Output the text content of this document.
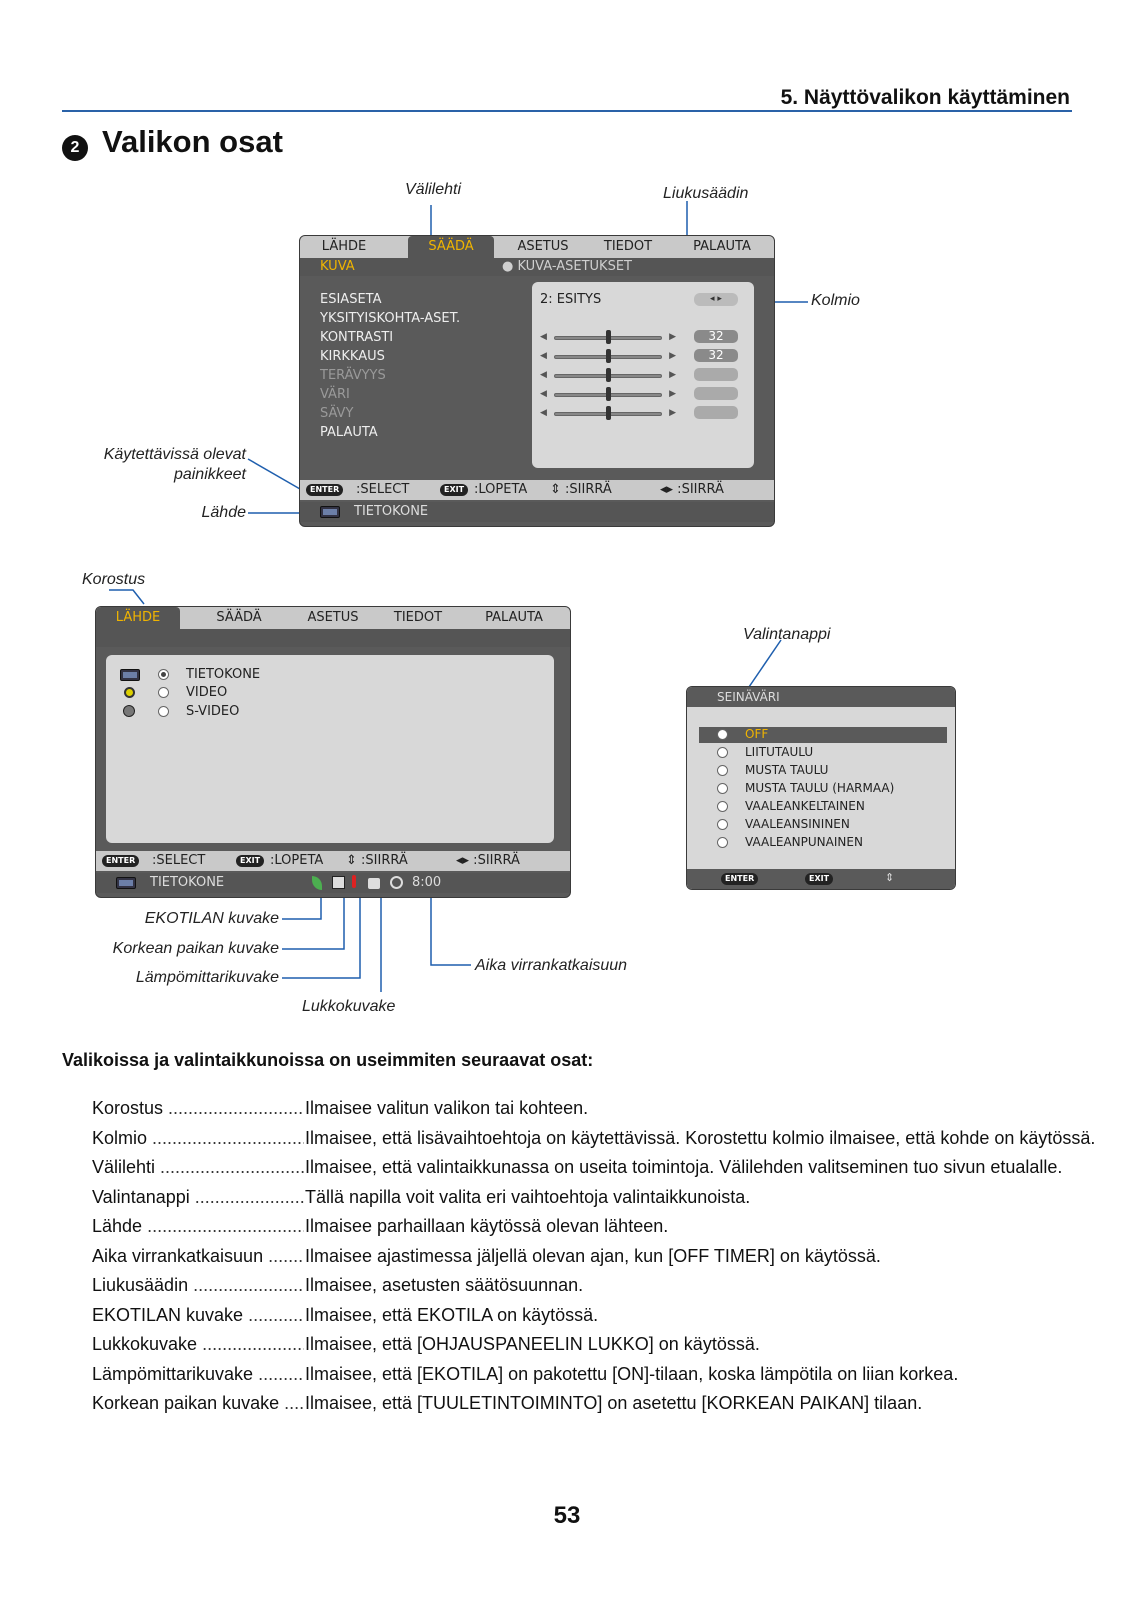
5. Näyttövalikon käyttäminen
2 Valikon osat
Välilehti	Liukusäädin
Kolmio
Käytettävissä olevat
painikkeet
Lähde
Korostus
Valintanappi
EKOTILAN kuvake
Korkean paikan kuvake
Lämpömittarikuvake
Aika virrankatkaisuun
Lukkokuvake
LÄHDE	SÄÄDÄ	ASETUS	TIEDOT	PALAUTA
KUVA	● KUVA-ASETUKSET
ESIASETA
YKSITYISKOHTA-ASET.
KONTRASTI
KIRKKAUS
TERÄVYYS
VÄRI
SÄVY
PALAUTA
2: ESITYS	◂ ▸
◀	▶	32
◀	▶	32
◀	▶
◀	▶
◀	▶
ENTER	:SELECT	EXIT :LOPETA ⇕ :SIIRRÄ	◂▸ :SIIRRÄ
TIETOKONE
LÄHDE	SÄÄDÄ	ASETUS	TIEDOT	PALAUTA
TIETOKONE
VIDEO
S-VIDEO
ENTER	:SELECT	EXIT :LOPETA ⇕ :SIIRRÄ	◂▸ :SIIRRÄ
TIETOKONE	8:00
SEINÄVÄRI
OFF
LIITUTAULU
MUSTA TAULU
MUSTA TAULU (HARMAA)
VAALEANKELTAINEN
VAALEANSININEN
VAALEANPUNAINEN
ENTER	EXIT	⇕
Valikoissa ja valintaikkunoissa on useimmiten seuraavat osat:
Korostus .....	Ilmaisee valitun valikon tai kohteen.
Kolmio .....	Ilmaisee, että lisävaihtoehtoja on käytettävissä. Korostettu kolmio ilmaisee, että kohde on käytössä.
Välilehti .....	Ilmaisee, että valintaikkunassa on useita toimintoja. Välilehden valitseminen tuo sivun etualalle.
Valintanappi .....	Tällä napilla voit valita eri vaihtoehtoja valintaikkunoista.
Lähde .....	Ilmaisee parhaillaan käytössä olevan lähteen.
Aika virrankatkaisuun .....	Ilmaisee ajastimessa jäljellä olevan ajan, kun [OFF TIMER] on käytössä.
Liukusäädin .....	Ilmaisee, asetusten säätösuunnan.
EKOTILAN kuvake .....	Ilmaisee, että EKOTILA on käytössä.
Lukkokuvake .....	Ilmaisee, että [OHJAUSPANEELIN LUKKO] on käytössä.
Lämpömittarikuvake .....	Ilmaisee, että [EKOTILA] on pakotettu [ON]-tilaan, koska lämpötila on liian korkea.
Korkean paikan kuvake .....	Ilmaisee, että [TUULETINTOIMINTO] on asetettu [KORKEAN PAIKAN] tilaan.
53
